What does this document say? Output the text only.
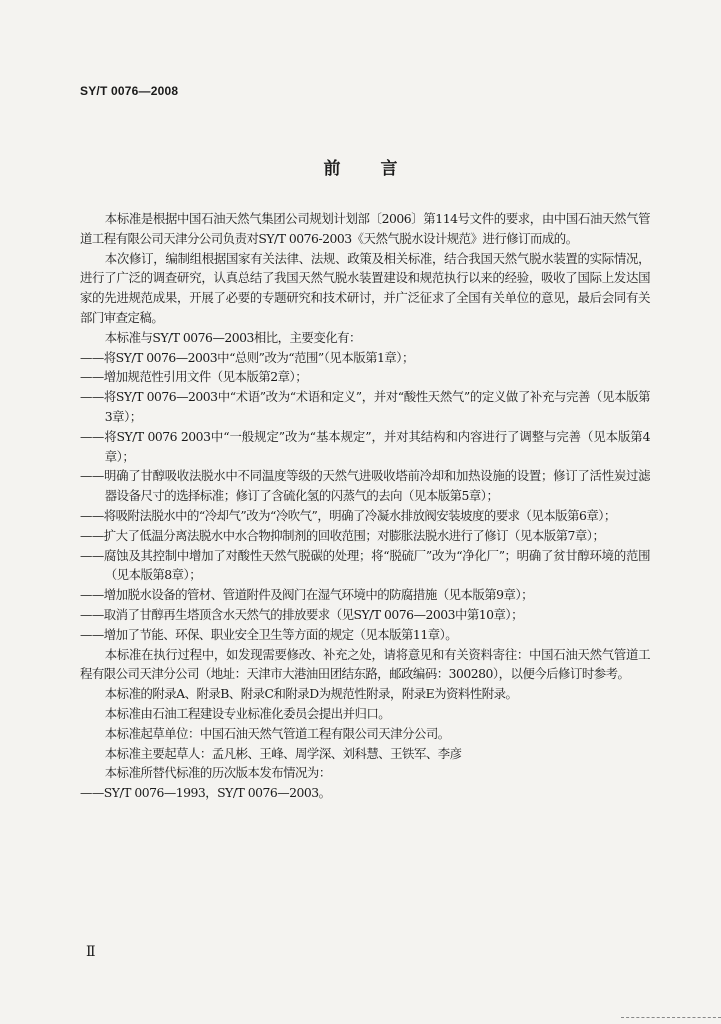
SY/T 0076—2008
前言

本标准是根据中国石油天然气集团公司规划计划部〔2006〕第114号文件的要求，由中国石油天然气管道工程有限公司天津分公司负责对SY/T 0076-2003《天然气脱水设计规范》进行修订而成的。

本次修订，编制组根据国家有关法律、法规、政策及相关标准，结合我国天然气脱水装置的实际情况，进行了广泛的调查研究，认真总结了我国天然气脱水装置建设和规范执行以来的经验，吸收了国际上发达国家的先进规范成果，开展了必要的专题研究和技术研讨，并广泛征求了全国有关单位的意见，最后会同有关部门审查定稿。

本标准与SY/T 0076—2003相比，主要变化有：

——将SY/T 0076—2003中“总则”改为“范围”（见本版第1章）；

——增加规范性引用文件（见本版第2章）；

——将SY/T 0076—2003中“术语”改为“术语和定义”，并对“酸性天然气”的定义做了补充与完善（见本版第3章）；

——将SY/T 0076 2003中“一般规定”改为“基本规定”，并对其结构和内容进行了调整与完善（见本版第4章）；

——明确了甘醇吸收法脱水中不同温度等级的天然气进吸收塔前冷却和加热设施的设置；修订了活性炭过滤器设备尺寸的选择标准；修订了含硫化氢的闪蒸气的去向（见本版第5章）；

——将吸附法脱水中的“冷却气”改为“冷吹气”，明确了冷凝水排放阀安装坡度的要求（见本版第6章）；

——扩大了低温分离法脱水中水合物抑制剂的回收范围；对膨胀法脱水进行了修订（见本版第7章）；

——腐蚀及其控制中增加了对酸性天然气脱碳的处理；将“脱硫厂”改为“净化厂”；明确了贫甘醇环境的范围（见本版第8章）；

——增加脱水设备的管材、管道附件及阀门在湿气环境中的防腐措施（见本版第9章）；

——取消了甘醇再生塔顶含水天然气的排放要求（见SY/T 0076—2003中第10章）；

——增加了节能、环保、职业安全卫生等方面的规定（见本版第11章）。

本标准在执行过程中，如发现需要修改、补充之处，请将意见和有关资料寄往：中国石油天然气管道工程有限公司天津分公司（地址：天津市大港油田团结东路，邮政编码：300280），以便今后修订时参考。

本标准的附录A、附录B、附录C和附录D为规范性附录，附录E为资料性附录。

本标准由石油工程建设专业标准化委员会提出并归口。

本标准起草单位：中国石油天然气管道工程有限公司天津分公司。

本标准主要起草人：孟凡彬、王峰、周学深、刘科慧、王铁军、李彦

本标准所替代标准的历次版本发布情况为：

——SY/T 0076—1993，SY/T 0076—2003。

Ⅱ
